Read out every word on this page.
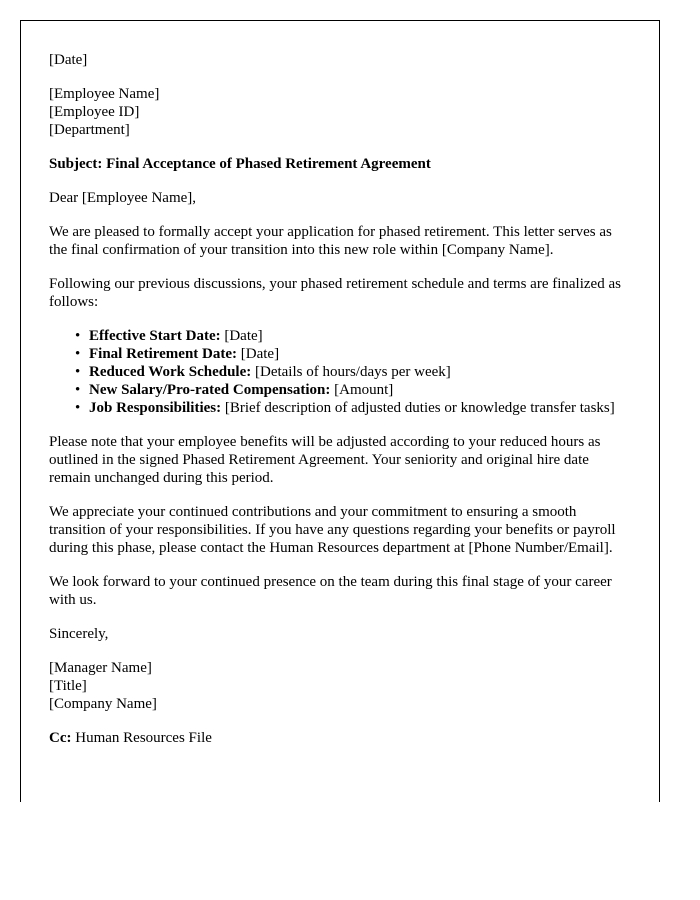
[Date]
[Employee Name]
[Employee ID]
[Department]
Subject: Final Acceptance of Phased Retirement Agreement
Dear [Employee Name],
We are pleased to formally accept your application for phased retirement. This letter serves as the final confirmation of your transition into this new role within [Company Name].
Following our previous discussions, your phased retirement schedule and terms are finalized as follows:
• Effective Start Date: [Date]
• Final Retirement Date: [Date]
• Reduced Work Schedule: [Details of hours/days per week]
• New Salary/Pro-rated Compensation: [Amount]
• Job Responsibilities: [Brief description of adjusted duties or knowledge transfer tasks]
Please note that your employee benefits will be adjusted according to your reduced hours as outlined in the signed Phased Retirement Agreement. Your seniority and original hire date remain unchanged during this period.
We appreciate your continued contributions and your commitment to ensuring a smooth transition of your responsibilities. If you have any questions regarding your benefits or payroll during this phase, please contact the Human Resources department at [Phone Number/Email].
We look forward to your continued presence on the team during this final stage of your career with us.
Sincerely,
[Manager Name]
[Title]
[Company Name]
Cc: Human Resources File
